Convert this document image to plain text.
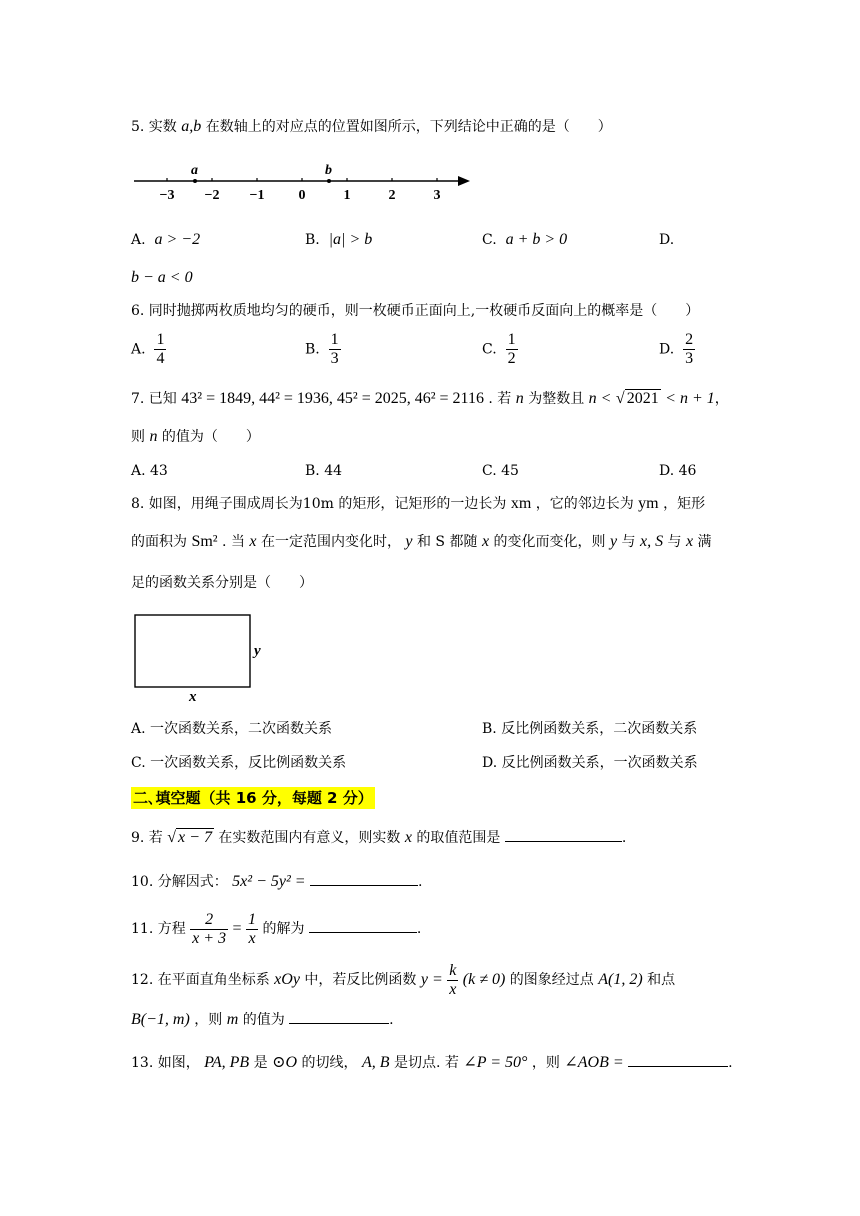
5. 实数 a,b 在数轴上的对应点的位置如图所示，下列结论中正确的是（　　）
a	b
−3 −2 −1 0	1	2	3
A. a > −2	B. |a| > b	C. a + b > 0	D.
b − a < 0
6. 同时抛掷两枚质地均匀的硬币，则一枚硬币正面向上,一枚硬币反面向上的概率是（　　）
A. $\frac{1}{4}$	B. $\frac{1}{3}$	C. $\frac{1}{2}$	D. $\frac{2}{3}$
7. 已知 43² = 1849, 44² = 1936, 45² = 2025, 46² = 2116 . 若 n 为整数且 n < √ 2021 < n + 1，
则 n 的值为（　　）
A. 43	B. 44	C. 45	D. 46
8. 如图，用绳子围成周长为10m 的矩形，记矩形的一边长为 xm ，它的邻边长为 ym ，矩形
的面积为 Sm² . 当 x 在一定范围内变化时， y 和 S 都随 x 的变化而变化，则 y 与 x, S 与 x 满
足的函数关系分别是（　　）
y
x
A. 一次函数关系，二次函数关系	B. 反比例函数关系，二次函数关系
C. 一次函数关系，反比例函数关系	D. 反比例函数关系，一次函数关系
二､填空题（共 16 分，每题 2 分）
9. 若 √ x − 7 在实数范围内有意义，则实数 x 的取值范围是	.
10. 分解因式： 5x² − 5y² =	.
11. 方程 $\frac{2}{x + 3} = \frac{1}{x}$ 的解为	.
12. 在平面直角坐标系 xOy 中，若反比例函数 $y = \frac{k}{x} (k \ne 0)$ 的图象经过点 A(1, 2) 和点
B(−1, m) ，则 m 的值为	.
13. 如图， PA, PB 是 ⊙O 的切线， A, B 是切点. 若 ∠P = 50° ，则 ∠AOB =	.
